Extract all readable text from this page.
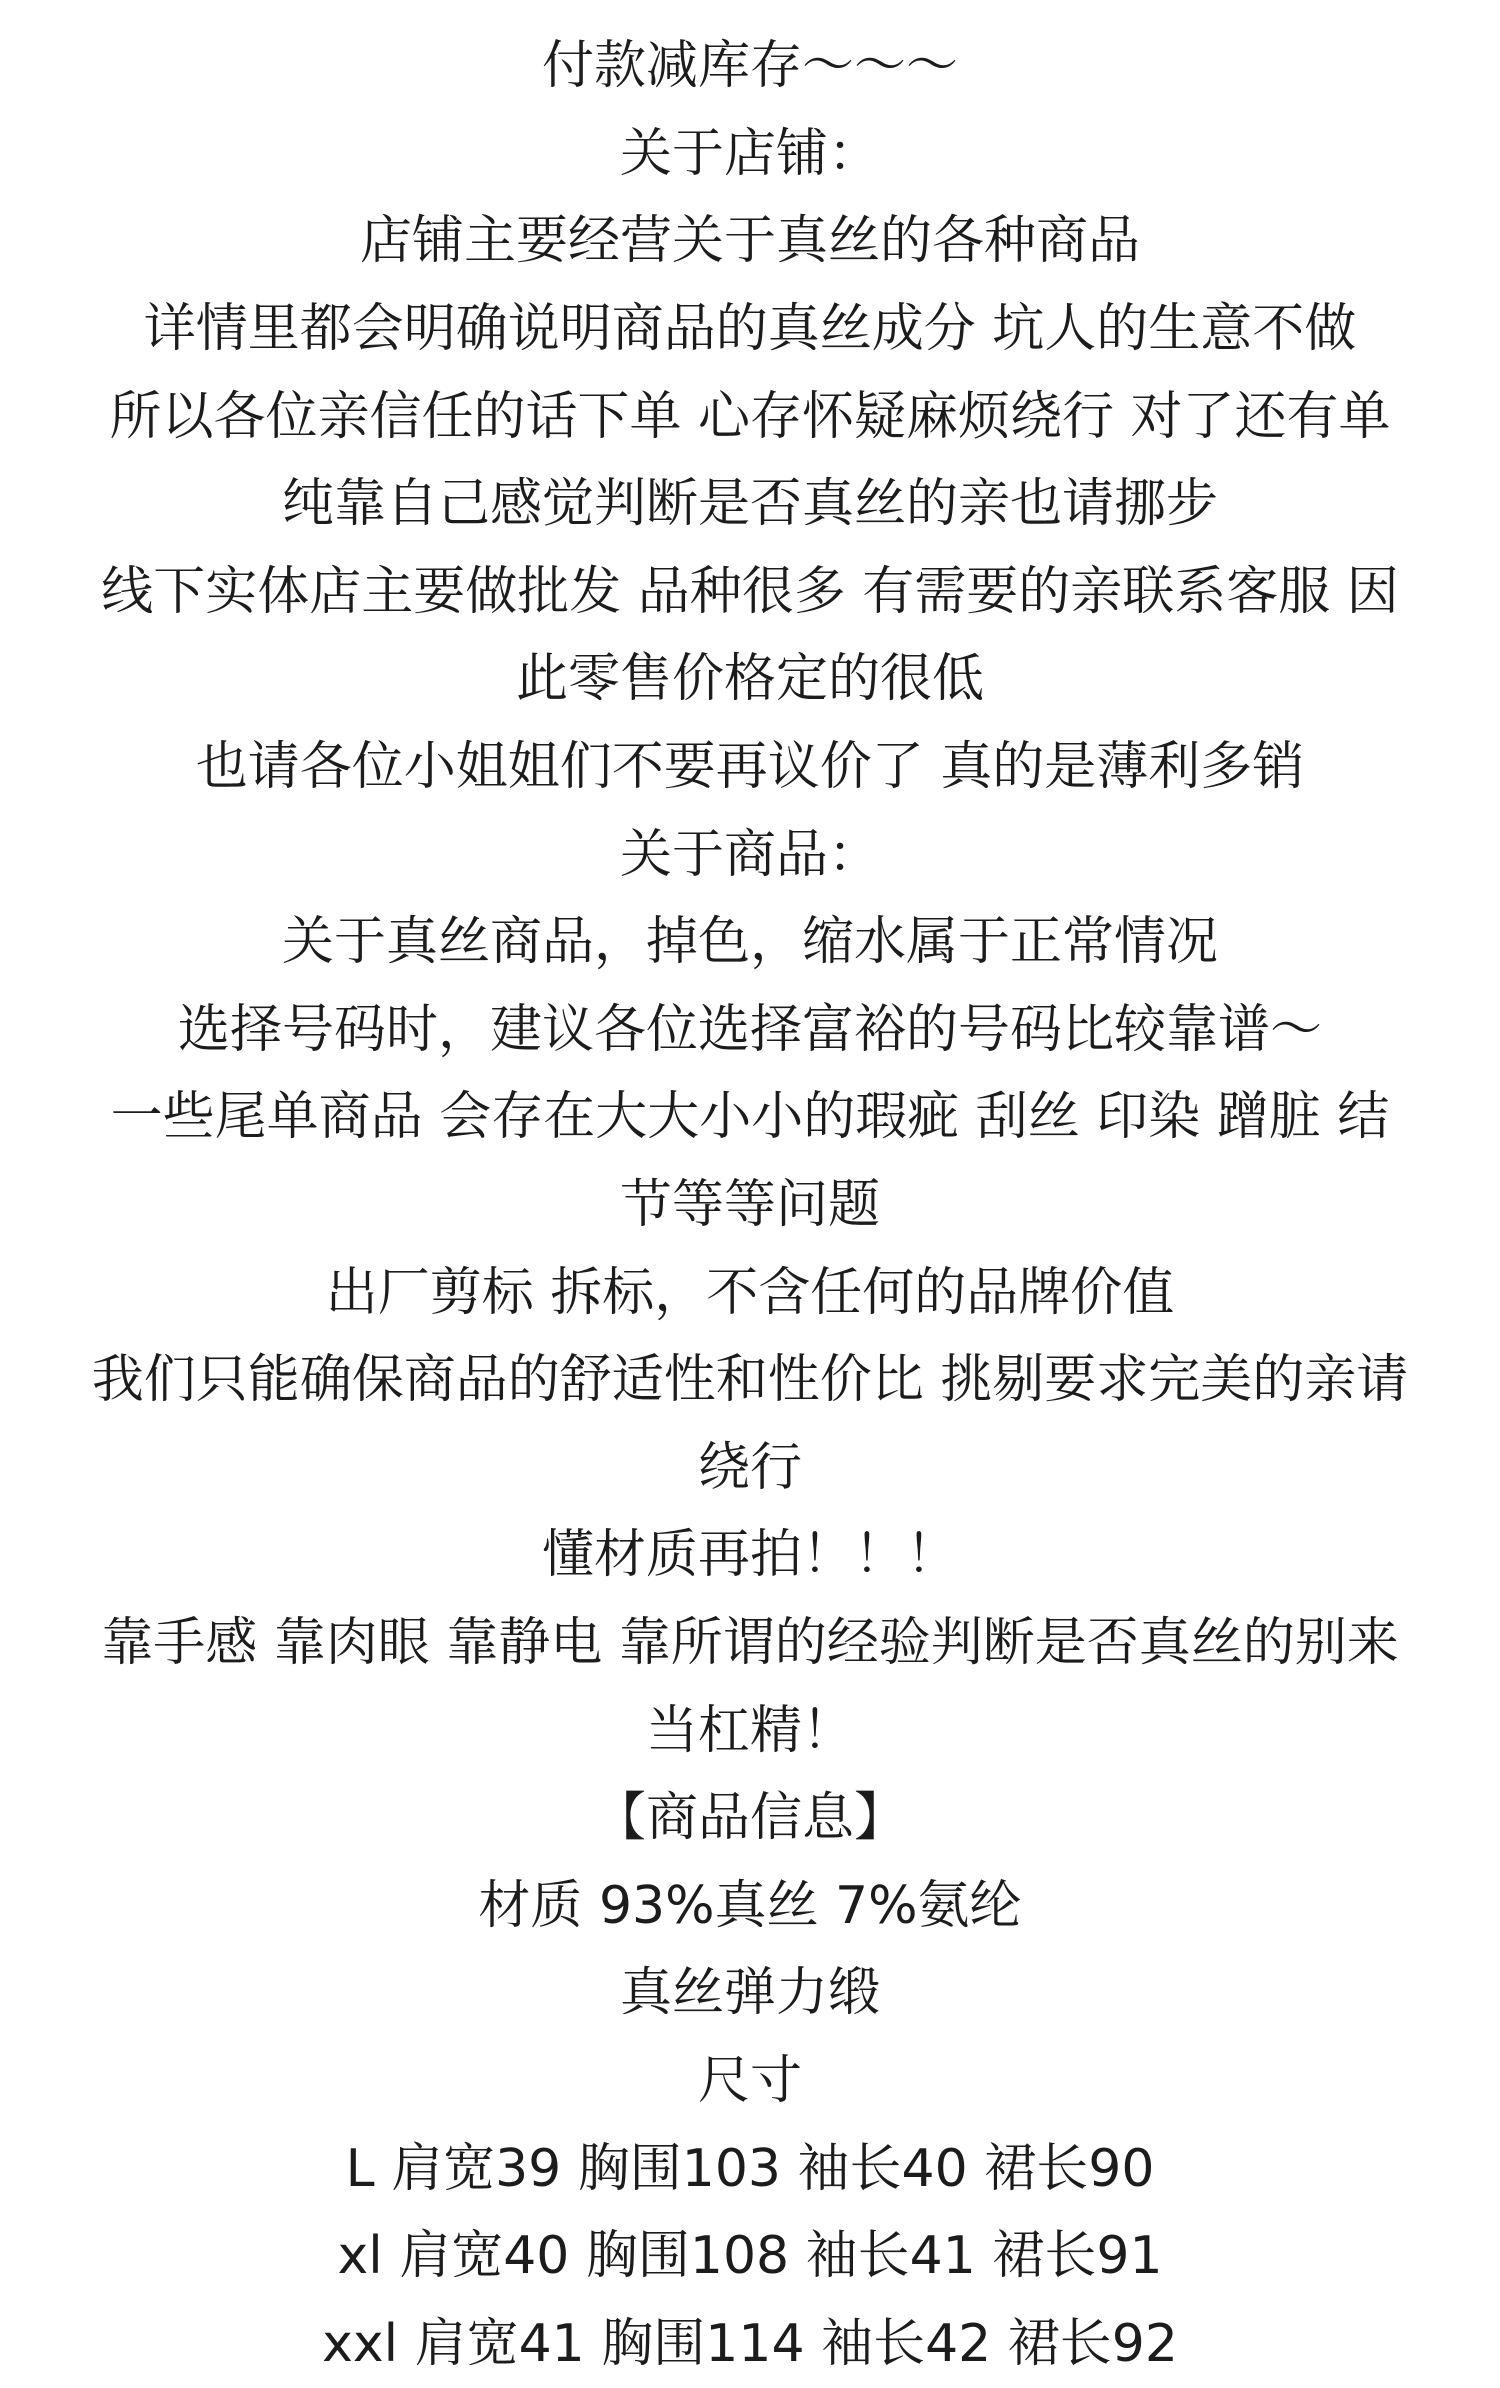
付款减库存～～～
关于店铺：
店铺主要经营关于真丝的各种商品
详情里都会明确说明商品的真丝成分 坑人的生意不做
所以各位亲信任的话下单 心存怀疑麻烦绕行 对了还有单
纯靠自己感觉判断是否真丝的亲也请挪步
线下实体店主要做批发 品种很多 有需要的亲联系客服 因
此零售价格定的很低
也请各位小姐姐们不要再议价了 真的是薄利多销
关于商品：
关于真丝商品，掉色，缩水属于正常情况
选择号码时，建议各位选择富裕的号码比较靠谱～
一些尾单商品 会存在大大小小的瑕疵 刮丝 印染 蹭脏 结
节等等问题
出厂剪标 拆标，不含任何的品牌价值
我们只能确保商品的舒适性和性价比 挑剔要求完美的亲请
绕行
懂材质再拍！！！
靠手感 靠肉眼 靠静电 靠所谓的经验判断是否真丝的别来
当杠精！
【商品信息】
材质 93%真丝 7%氨纶
真丝弹力缎
尺寸
L 肩宽39 胸围103 袖长40 裙长90
xl 肩宽40 胸围108 袖长41 裙长91
xxl 肩宽41 胸围114 袖长42 裙长92
